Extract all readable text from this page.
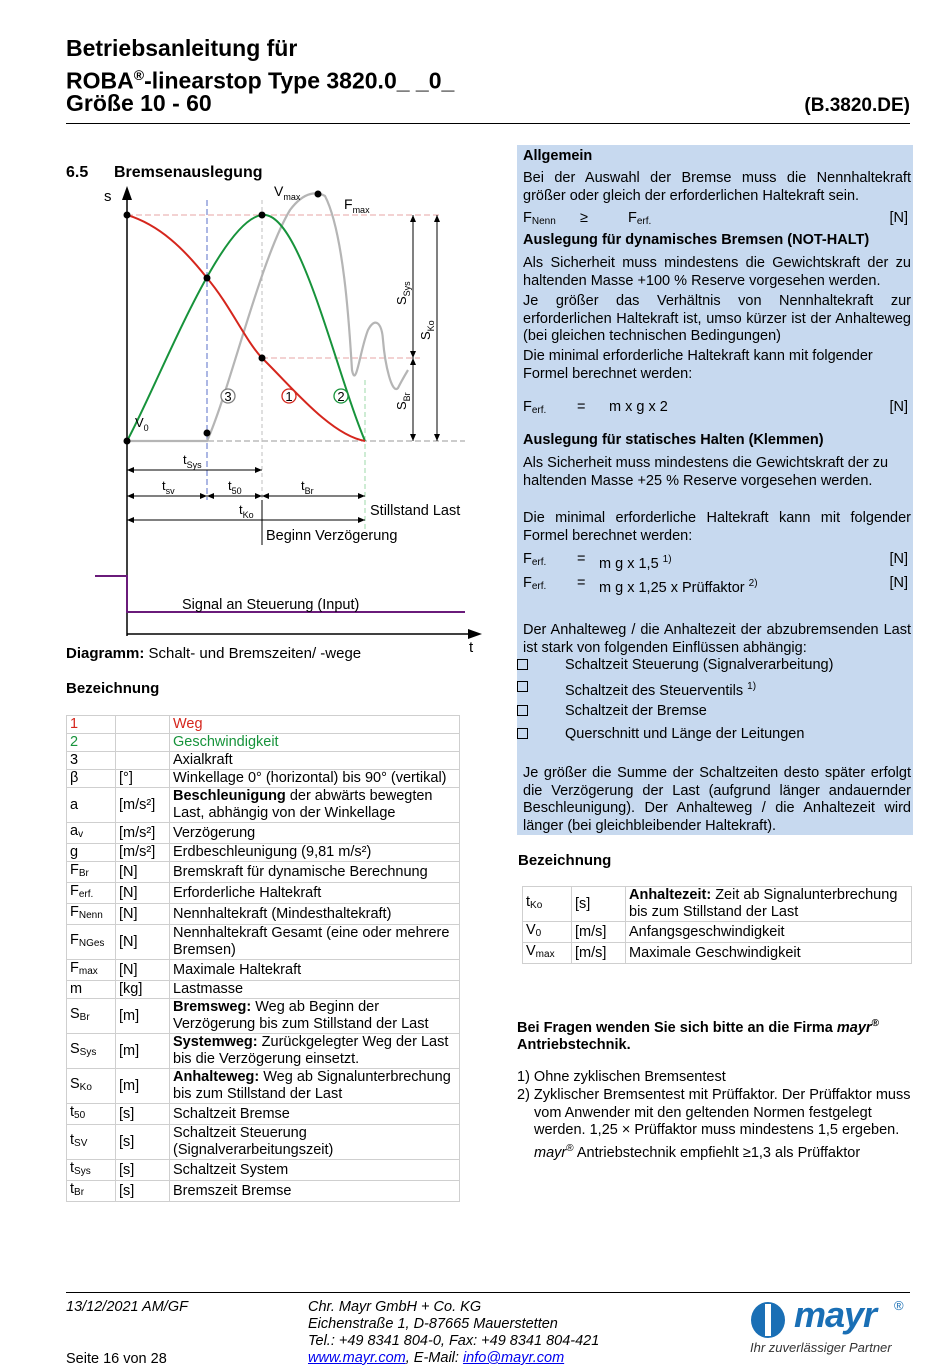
Betriebsanleitung für
ROBA®-linearstop Type 3820.0_ _0_
Größe 10 - 60	(B.3820.DE)
6.5 Bremsenauslegung
3	1	2
s
t
$V_{max}$	$F_{max}$
$V_0$
$t_{Sys}$
$t_{sv}$	$t_{50}$	$t_{Br}$
$t_{Ko}$	Stillstand Last
Beginn Verzögerung
Signal an Steuerung (Input)
$S_{Sys}$
$S_{Ko}$
$S_{Br}$
Diagramm: Schalt- und Bremszeiten/ -wege
Bezeichnung
1		Weg
2		Geschwindigkeit
3		Axialkraft
β	[°]	Winkellage 0° (horizontal) bis 90° (vertikal)
a	[m/s²]	Beschleunigung der abwärts bewegten Last, abhängig von der Winkellage
$a_v$	[m/s²]	Verzögerung
g	[m/s²]	Erdbeschleunigung (9,81 m/s²)
$F_{Br}$	[N]	Bremskraft für dynamische Berechnung
$F_{erf.}$	[N]	Erforderliche Haltekraft
$F_{Nenn}$	[N]	Nennhaltekraft (Mindesthaltekraft)
$F_{NGes}$	[N]	Nennhaltekraft Gesamt (eine oder mehrere Bremsen)
$F_{max}$	[N]	Maximale Haltekraft
m	[kg]	Lastmasse
$S_{Br}$	[m]	Bremsweg: Weg ab Beginn der Verzögerung bis zum Stillstand der Last
$S_{Sys}$	[m]	Systemweg: Zurückgelegter Weg der Last bis die Verzögerung einsetzt.
$S_{Ko}$	[m]	Anhalteweg: Weg ab Signalunterbrechung bis zum Stillstand der Last
$t_{50}$	[s]	Schaltzeit Bremse
$t_{SV}$	[s]	Schaltzeit Steuerung (Signalverarbeitungszeit)
$t_{Sys}$	[s]	Schaltzeit System
$t_{Br}$	[s]	Bremszeit Bremse
Allgemein
Bei der Auswahl der Bremse muss die Nennhaltekraft größer oder gleich der erforderlichen Haltekraft sein.
$F_{Nenn}$ ≥	$F_{erf.}$	[N]
Auslegung für dynamisches Bremsen (NOT-HALT)
Als Sicherheit muss mindestens die Gewichtskraft der zu haltenden Masse +100 % Reserve vorgesehen werden.
Je größer das Verhältnis von Nennhaltekraft zur erforderlichen Haltekraft ist, umso kürzer ist der Anhalteweg (bei gleichen technischen Bedingungen)
Die minimal erforderliche Haltekraft kann mit folgender Formel berechnet werden:
$F_{erf.} = m$ x g x 2	[N]
Auslegung für statisches Halten (Klemmen)
Als Sicherheit muss mindestens die Gewichtskraft der zu haltenden Masse +25 % Reserve vorgesehen werden.
Die minimal erforderliche Haltekraft kann mit folgender Formel berechnet werden:
$F_{erf.} = m$ g x 1,5 $^{1)}$	[N]
$F_{erf.} = m$ g x 1,25 x Prüffaktor $^{2)}$	[N]
Der Anhalteweg / die Anhaltezeit der abzubremsenden Last ist stark von folgenden Einflüssen abhängig:
Schaltzeit Steuerung (Signalverarbeitung)
Schaltzeit des Steuerventils $^{1)}$
Schaltzeit der Bremse
Querschnitt und Länge der Leitungen
Je größer die Summe der Schaltzeiten desto später erfolgt die Verzögerung der Last (aufgrund länger andauernder Beschleunigung). Der Anhalteweg / die Anhaltezeit wird länger (bei gleichbleibender Haltekraft).
Bezeichnung
$t_{Ko}$	[s]	Anhaltezeit: Zeit ab Signalunterbrechung bis zum Stillstand der Last
$V_0$	[m/s]	Anfangsgeschwindigkeit
$V_{max}$	[m/s]	Maximale Geschwindigkeit
Bei Fragen wenden Sie sich bitte an die Firma mayr®
Antriebstechnik.
1) Ohne zyklischen Bremsentest
2) Zyklischer Bremsentest mit Prüffaktor. Der Prüffaktor muss vom Anwender mit den geltenden Normen festgelegt werden. 1,25 × Prüffaktor muss mindestens 1,5 ergeben. mayr® Antriebstechnik empfiehlt ≥1,3 als Prüffaktor
13/12/2021 AM/GF
Seite 16 von 28
Chr. Mayr GmbH + Co. KG
Eichenstraße 1, D-87665 Mauerstetten
Tel.: +49 8341 804-0, Fax: +49 8341 804-421
www.mayr.com, E-Mail: info@mayr.com
mayr ®
Ihr zuverlässiger Partner
